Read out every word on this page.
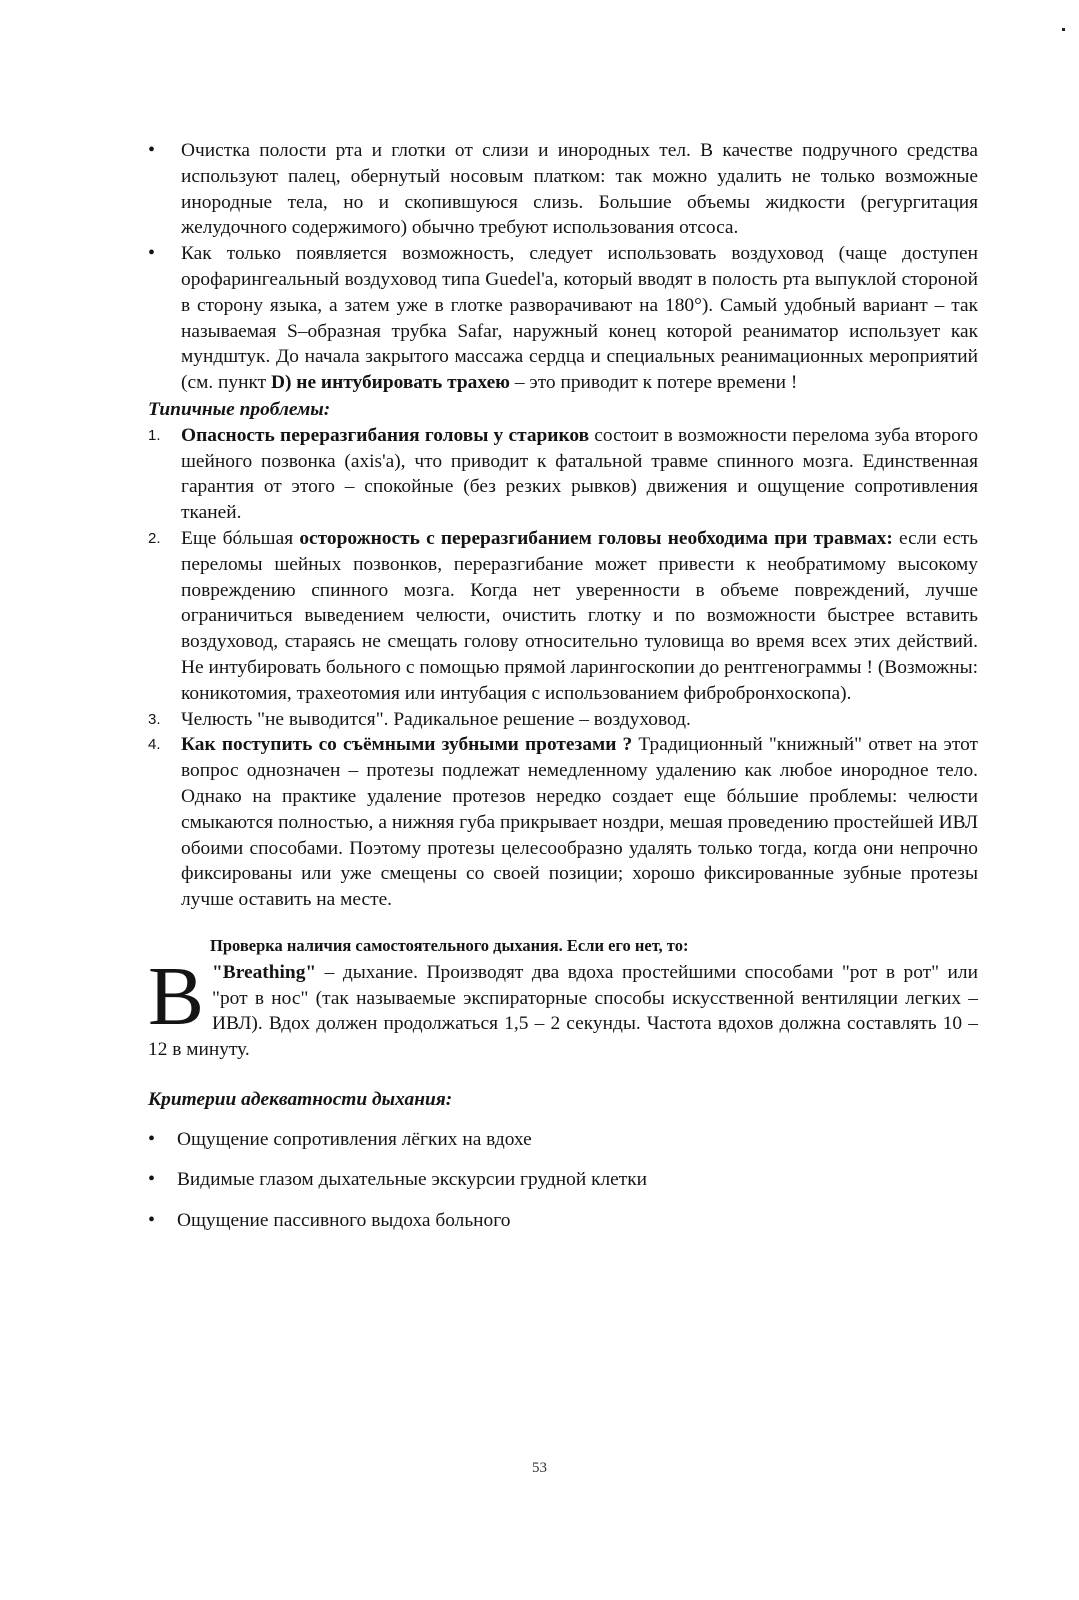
• Очистка полости рта и глотки от слизи и инородных тел. В качестве подручного средства используют палец, обернутый носовым платком: так можно удалить не только возможные инородные тела, но и скопившуюся слизь. Большие объемы жидкости (регургитация желудочного содержимого) обычно требуют использования отсоса.
• Как только появляется возможность, следует использовать воздуховод (чаще доступен орофарингеальный воздуховод типа Guedel'a, который вводят в полость рта выпуклой стороной в сторону языка, а затем уже в глотке разворачивают на 180°). Самый удобный вариант – так называемая S–образная трубка Safar, наружный конец которой реаниматор использует как мундштук. До начала закрытого массажа сердца и специальных реанимационных мероприятий (см. пункт D) не интубировать трахею – это приводит к потере времени !
Типичные проблемы:
1. Опасность переразгибания головы у стариков состоит в возможности перелома зуба второго шейного позвонка (axis'a), что приводит к фатальной травме спинного мозга. Единственная гарантия от этого – спокойные (без резких рывков) движения и ощущение сопротивления тканей.
2. Еще бóльшая осторожность с переразгибанием головы необходима при травмах: если есть переломы шейных позвонков, переразгибание может привести к необратимому высокому повреждению спинного мозга. Когда нет уверенности в объеме повреждений, лучше ограничиться выведением челюсти, очистить глотку и по возможности быстрее вставить воздуховод, стараясь не смещать голову относительно туловища во время всех этих действий. Не интубировать больного с помощью прямой ларингоскопии до рентгенограммы ! (Возможны: коникотомия, трахеотомия или интубация с использованием фибробронхоскопа).
3. Челюсть "не выводится". Радикальное решение – воздуховод.
4. Как поступить со съёмными зубными протезами ? Традиционный "книжный" ответ на этот вопрос однозначен – протезы подлежат немедленному удалению как любое инородное тело. Однако на практике удаление протезов нередко создает еще бóльшие проблемы: челюсти смыкаются полностью, а нижняя губа прикрывает ноздри, мешая проведению простейшей ИВЛ обоими способами. Поэтому протезы целесообразно удалять только тогда, когда они непрочно фиксированы или уже смещены со своей позиции; хорошо фиксированные зубные протезы лучше оставить на месте.
Проверка наличия самостоятельного дыхания. Если его нет, то:
B "Breathing" – дыхание. Производят два вдоха простейшими способами "рот в рот" или "рот в нос" (так называемые экспираторные способы искусственной вентиляции легких – ИВЛ). Вдох должен продолжаться 1,5 – 2 секунды. Частота вдохов должна составлять 10 – 12 в минуту.
Критерии адекватности дыхания:
• Ощущение сопротивления лёгких на вдохе
• Видимые глазом дыхательные экскурсии грудной клетки
• Ощущение пассивного выдоха больного
53
